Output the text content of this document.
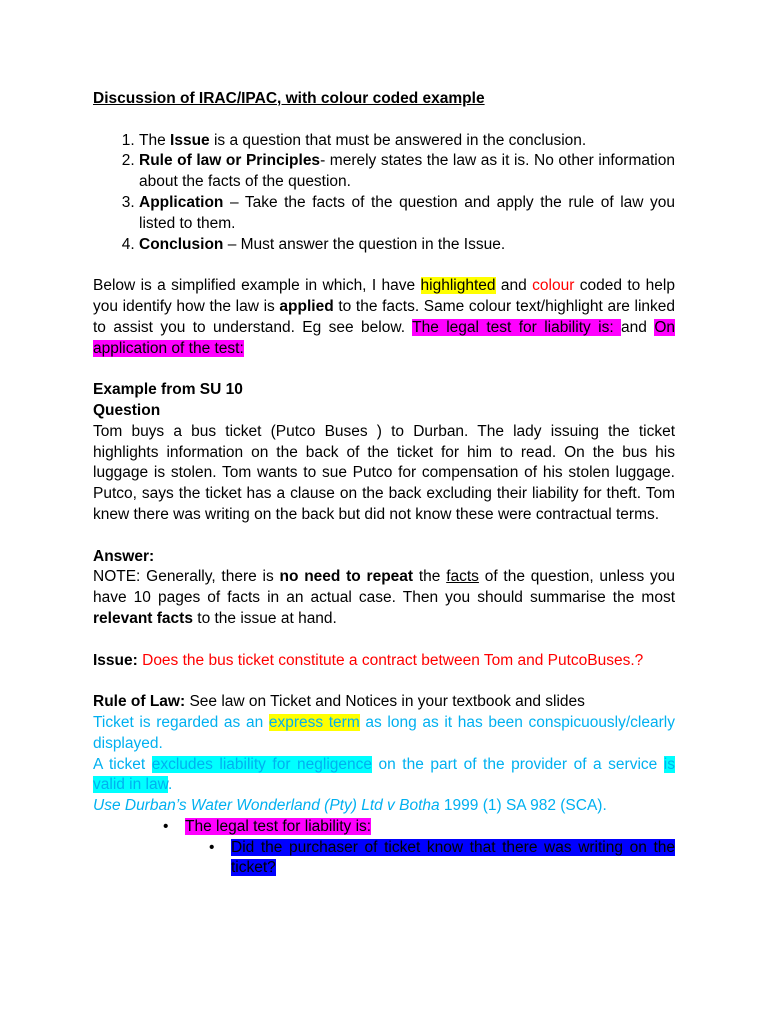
Discussion of IRAC/IPAC, with colour coded example

1. The Issue is a question that must be answered in the conclusion.
2. Rule of law or Principles- merely states the law as it is. No other information about the facts of the question.
3. Application – Take the facts of the question and apply the rule of law you listed to them.
4. Conclusion – Must answer the question in the Issue.

Below is a simplified example in which, I have highlighted and colour coded to help you identify how the law is applied to the facts. Same colour text/highlight are linked to assist you to understand. Eg see below. The legal test for liability is: and On application of the test:

Example from SU 10

Question

Tom buys a bus ticket (Putco Buses ) to Durban. The lady issuing the ticket highlights information on the back of the ticket for him to read. On the bus his luggage is stolen. Tom wants to sue Putco for compensation of his stolen luggage. Putco, says the ticket has a clause on the back excluding their liability for theft. Tom knew there was writing on the back but did not know these were contractual terms.

Answer:

NOTE: Generally, there is no need to repeat the facts of the question, unless you have 10 pages of facts in an actual case. Then you should summarise the most relevant facts to the issue at hand.

Issue: Does the bus ticket constitute a contract between Tom and PutcoBuses.?

Rule of Law: See law on Ticket and Notices in your textbook and slides

Ticket is regarded as an express term as long as it has been conspicuously/clearly displayed.

A ticket excludes liability for negligence on the part of the provider of a service is valid in law.

Use Durban’s Water Wonderland (Pty) Ltd v Botha 1999 (1) SA 982 (SCA).

• The legal test for liability is:

• Did the purchaser of ticket know that there was writing on the ticket?
